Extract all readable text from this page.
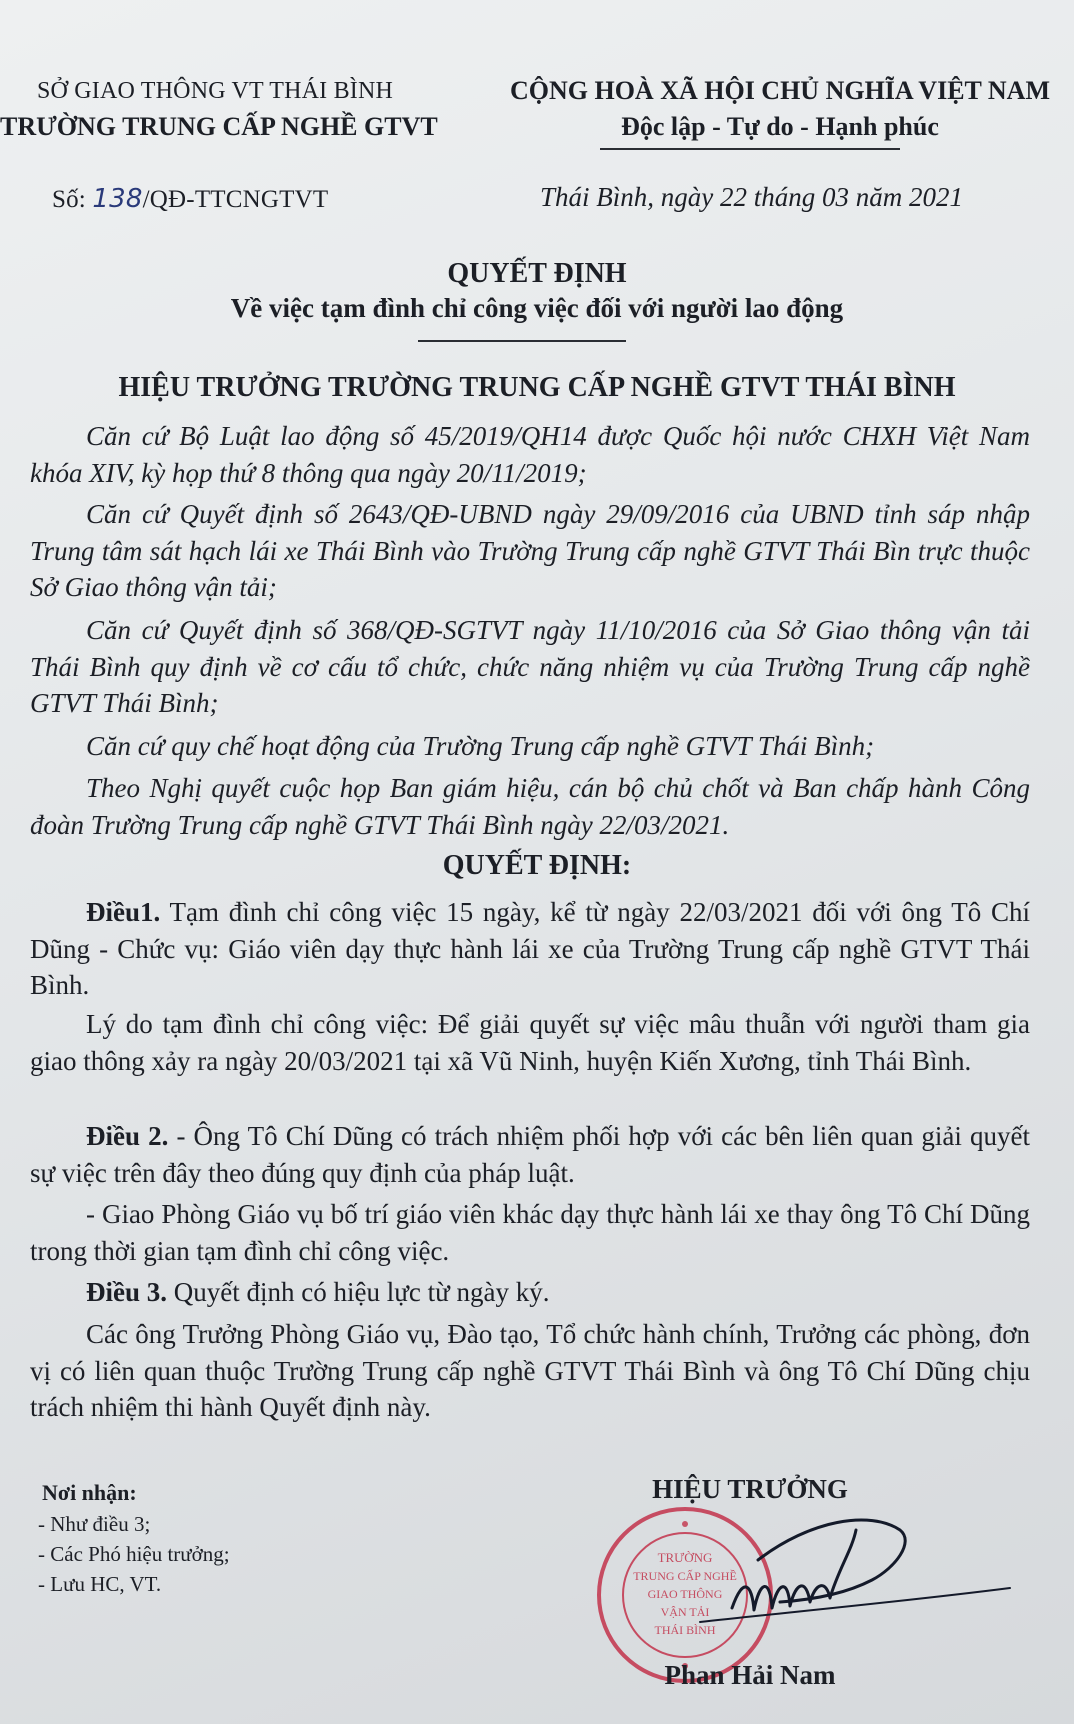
SỞ GIAO THÔNG VT THÁI BÌNH
TRƯỜNG TRUNG CẤP NGHỀ GTVT
CỘNG HOÀ XÃ HỘI CHỦ NGHĨA VIỆT NAM
Độc lập - Tự do - Hạnh phúc
Số: 138/QĐ-TTCNGTVT	Thái Bình, ngày 22 tháng 03 năm 2021
QUYẾT ĐỊNH
Về việc tạm đình chỉ công việc đối với người lao động
HIỆU TRƯỞNG TRƯỜNG TRUNG CẤP NGHỀ GTVT THÁI BÌNH
Căn cứ Bộ Luật lao động số 45/2019/QH14 được Quốc hội nước CHXH Việt Nam khóa XIV, kỳ họp thứ 8 thông qua ngày 20/11/2019;
Căn cứ Quyết định số 2643/QĐ-UBND ngày 29/09/2016 của UBND tỉnh sáp nhập Trung tâm sát hạch lái xe Thái Bình vào Trường Trung cấp nghề GTVT Thái Bìn trực thuộc Sở Giao thông vận tải;
Căn cứ Quyết định số 368/QĐ-SGTVT ngày 11/10/2016 của Sở Giao thông vận tải Thái Bình quy định về cơ cấu tổ chức, chức năng nhiệm vụ của Trường Trung cấp nghề GTVT Thái Bình;
Căn cứ quy chế hoạt động của Trường Trung cấp nghề GTVT Thái Bình;
Theo Nghị quyết cuộc họp Ban giám hiệu, cán bộ chủ chốt và Ban chấp hành Công đoàn Trường Trung cấp nghề GTVT Thái Bình ngày 22/03/2021.
QUYẾT ĐỊNH:
Điều1. Tạm đình chỉ công việc 15 ngày, kể từ ngày 22/03/2021 đối với ông Tô Chí Dũng - Chức vụ: Giáo viên dạy thực hành lái xe của Trường Trung cấp nghề GTVT Thái Bình.
Lý do tạm đình chỉ công việc: Để giải quyết sự việc mâu thuẫn với người tham gia giao thông xảy ra ngày 20/03/2021 tại xã Vũ Ninh, huyện Kiến Xương, tỉnh Thái Bình.
Điều 2. - Ông Tô Chí Dũng có trách nhiệm phối hợp với các bên liên quan giải quyết sự việc trên đây theo đúng quy định của pháp luật.
- Giao Phòng Giáo vụ bố trí giáo viên khác dạy thực hành lái xe thay ông Tô Chí Dũng trong thời gian tạm đình chỉ công việc.
Điều 3. Quyết định có hiệu lực từ ngày ký.
Các ông Trưởng Phòng Giáo vụ, Đào tạo, Tổ chức hành chính, Trưởng các phòng, đơn vị có liên quan thuộc Trường Trung cấp nghề GTVT Thái Bình và ông Tô Chí Dũng chịu trách nhiệm thi hành Quyết định này.
Nơi nhận:
- Như điều 3;
- Các Phó hiệu trưởng;
- Lưu HC, VT.
HIỆU TRƯỞNG
TRƯỜNG
TRUNG CẤP NGHỀ
GIAO THÔNG
VẬN TẢI
THÁI BÌNH
Phan Hải Nam
